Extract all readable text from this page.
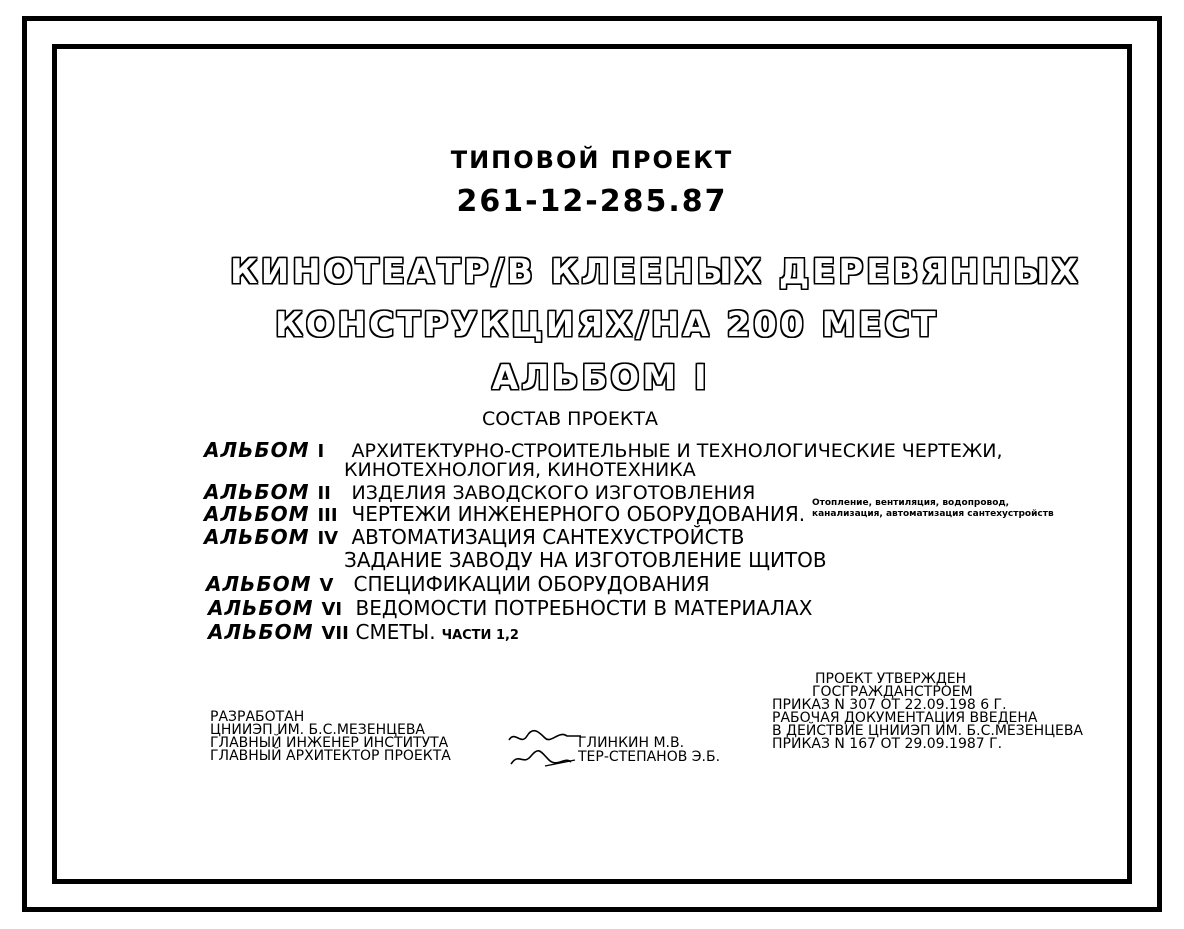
ТИПОВОЙ ПРОЕКТ
261-12-285.87
КИНОТЕАТР/В КЛЕЕНЫХ ДЕРЕВЯННЫХ
КОНСТРУКЦИЯХ/НА 200 МЕСТ
АЛЬБОМ I
СОСТАВ ПРОЕКТА
АЛЬБОМ I АРХИТЕКТУРНО-СТРОИТЕЛЬНЫЕ И ТЕХНОЛОГИЧЕСКИЕ ЧЕРТЕЖИ,
КИНОТЕХНОЛОГИЯ, КИНОТЕХНИКА
АЛЬБОМ II ИЗДЕЛИЯ ЗАВОДСКОГО ИЗГОТОВЛЕНИЯ
АЛЬБОМ III ЧЕРТЕЖИ ИНЖЕНЕРНОГО ОБОРУДОВАНИЯ. Отопление, вентиляция, водопровод,
канализация, автоматизация сантехустройств
АЛЬБОМ IV АВТОМАТИЗАЦИЯ САНТЕХУСТРОЙСТВ
ЗАДАНИЕ ЗАВОДУ НА ИЗГОТОВЛЕНИЕ ЩИТОВ
АЛЬБОМ V СПЕЦИФИКАЦИИ ОБОРУДОВАНИЯ
АЛЬБОМ VI ВЕДОМОСТИ ПОТРЕБНОСТИ В МАТЕРИАЛАХ
АЛЬБОМ VII СМЕТЫ. ЧАСТИ 1,2
ПРОЕКТ УТВЕРЖДЕН
ГОСГРАЖДАНСТРОЕМ
ПРИКАЗ N 307 ОТ 22.09.198 6 Г.
РАБОЧАЯ ДОКУМЕНТАЦИЯ ВВЕДЕНА
В ДЕЙСТВИЕ ЦНИИЭП ИМ. Б.С.МЕЗЕНЦЕВА
ПРИКАЗ N 167 ОТ 29.09.1987 Г.
РАЗРАБОТАН
ЦНИИЭП ИМ. Б.С.МЕЗЕНЦЕВА
ГЛАВНЫЙ ИНЖЕНЕР ИНСТИТУТА
ГЛАВНЫЙ АРХИТЕКТОР ПРОЕКТА
ГЛИНКИН М.В.
ТЕР-СТЕПАНОВ Э.Б.
